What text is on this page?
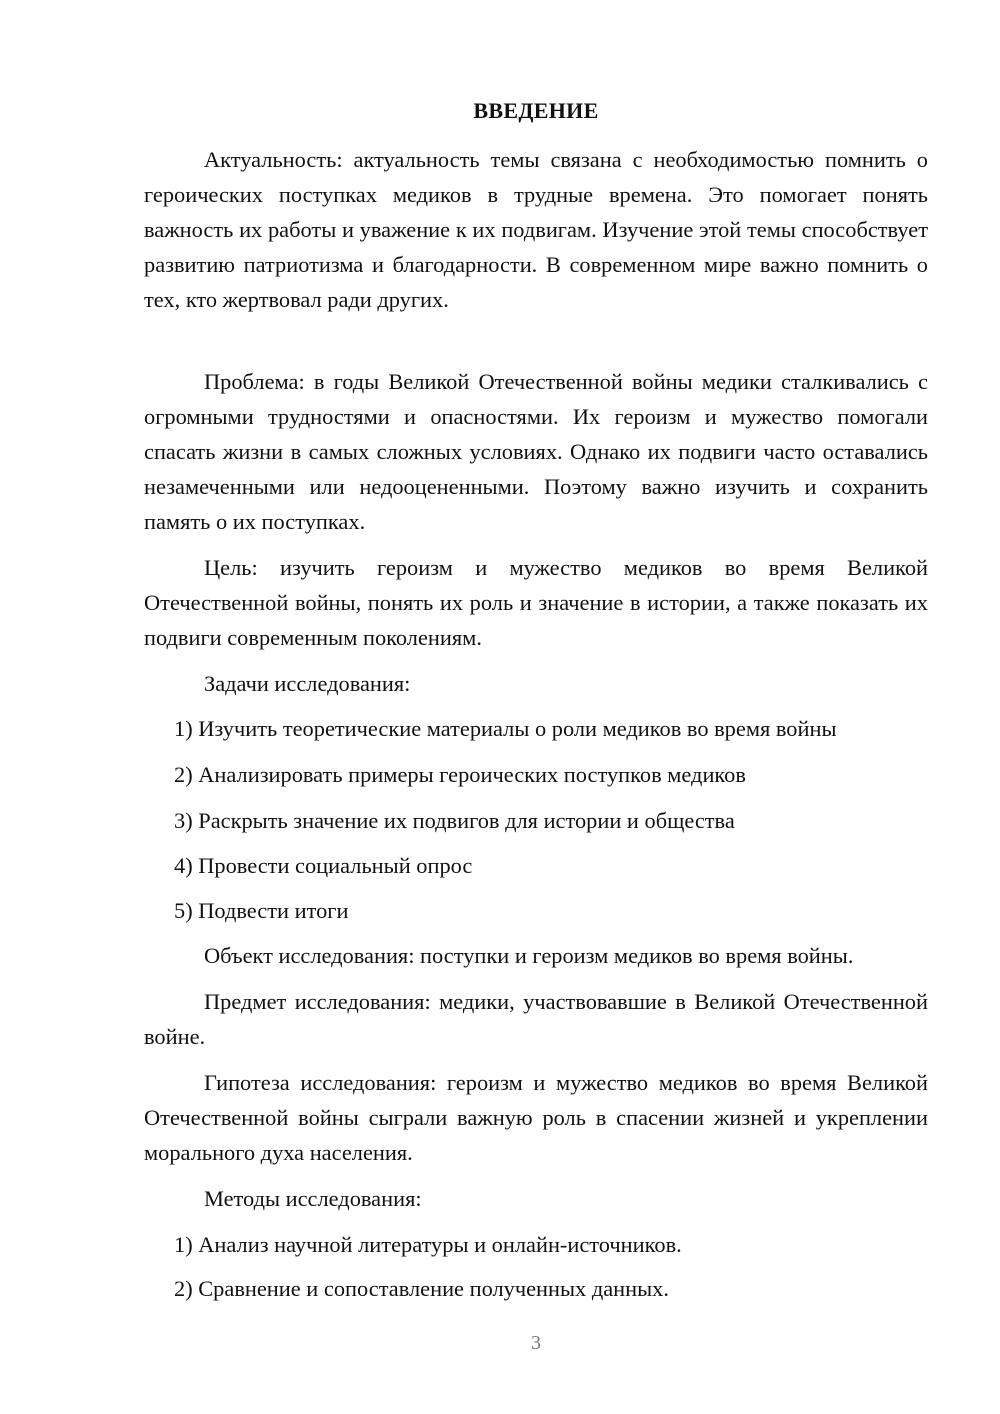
ВВЕДЕНИЕ

Актуальность: актуальность темы связана с необходимостью помнить о героических поступках медиков в трудные времена. Это помогает понять важность их работы и уважение к их подвигам. Изучение этой темы способствует развитию патриотизма и благодарности. В современном мире важно помнить о тех, кто жертвовал ради других.

Проблема: в годы Великой Отечественной войны медики сталкивались с огромными трудностями и опасностями. Их героизм и мужество помогали спасать жизни в самых сложных условиях. Однако их подвиги часто оставались незамеченными или недооцененными. Поэтому важно изучить и сохранить память о их поступках.

Цель: изучить героизм и мужество медиков во время Великой Отечественной войны, понять их роль и значение в истории, а также показать их подвиги современным поколениям.

Задачи исследования:

1) Изучить теоретические материалы о роли медиков во время войны

2) Анализировать примеры героических поступков медиков

3) Раскрыть значение их подвигов для истории и общества

4) Провести социальный опрос

5) Подвести итоги

Объект исследования: поступки и героизм медиков во время войны.

Предмет исследования: медики, участвовавшие в Великой Отечественной войне.

Гипотеза исследования: героизм и мужество медиков во время Великой Отечественной войны сыграли важную роль в спасении жизней и укреплении морального духа населения.

Методы исследования:

1) Анализ научной литературы и онлайн-источников.

2) Сравнение и сопоставление полученных данных.

3
